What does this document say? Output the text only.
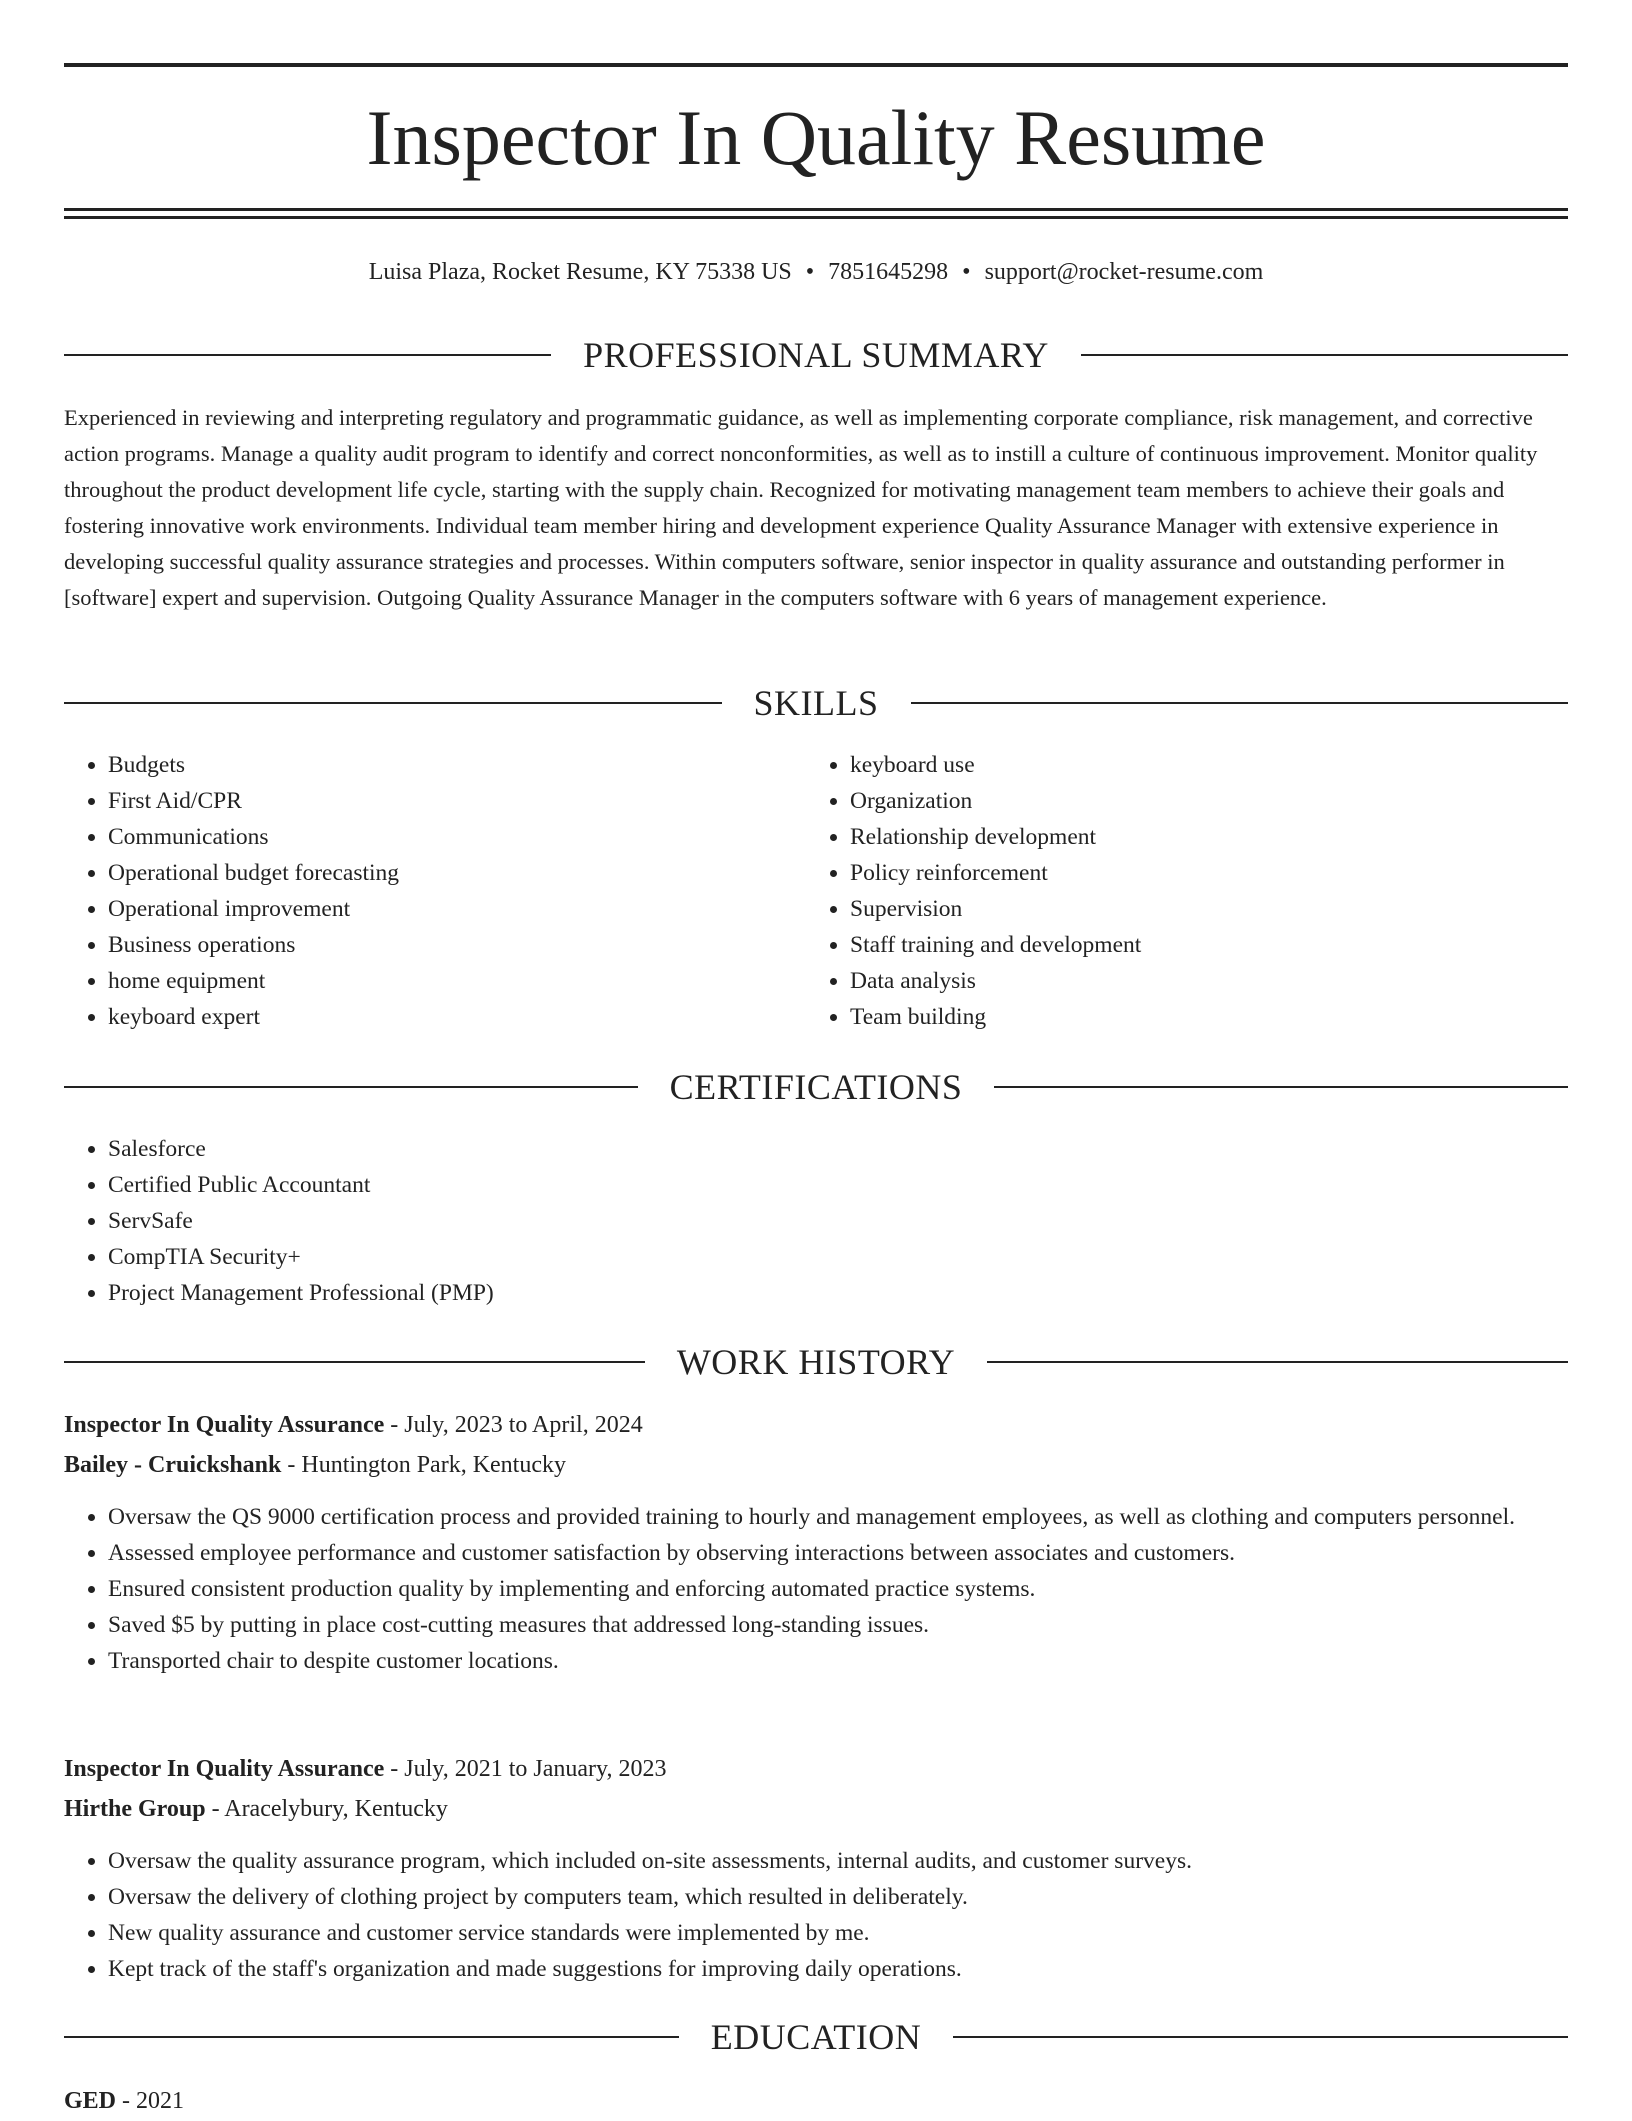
Inspector In Quality Resume
Luisa Plaza, Rocket Resume, KY 75338 US • 7851645298 • support@rocket-resume.com
PROFESSIONAL SUMMARY

Experienced in reviewing and interpreting regulatory and programmatic guidance, as well as implementing corporate compliance, risk management, and corrective action programs. Manage a quality audit program to identify and correct nonconformities, as well as to instill a culture of continuous improvement. Monitor quality throughout the product development life cycle, starting with the supply chain. Recognized for motivating management team members to achieve their goals and fostering innovative work environments. Individual team member hiring and development experience Quality Assurance Manager with extensive experience in developing successful quality assurance strategies and processes. Within computers software, senior inspector in quality assurance and outstanding performer in [software] expert and supervision. Outgoing Quality Assurance Manager in the computers software with 6 years of management experience.

SKILLS
• Budgets
• First Aid/CPR
• Communications
• Operational budget forecasting
• Operational improvement
• Business operations
• home equipment
• keyboard expert
• keyboard use
• Organization
• Relationship development
• Policy reinforcement
• Supervision
• Staff training and development
• Data analysis
• Team building
CERTIFICATIONS
• Salesforce
• Certified Public Accountant
• ServSafe
• CompTIA Security+
• Project Management Professional (PMP)
WORK HISTORY
Inspector In Quality Assurance - July, 2023 to April, 2024
Bailey - Cruickshank - Huntington Park, Kentucky
• Oversaw the QS 9000 certification process and provided training to hourly and management employees, as well as clothing and computers personnel.
• Assessed employee performance and customer satisfaction by observing interactions between associates and customers.
• Ensured consistent production quality by implementing and enforcing automated practice systems.
• Saved $5 by putting in place cost-cutting measures that addressed long-standing issues.
• Transported chair to despite customer locations.
Inspector In Quality Assurance - July, 2021 to January, 2023
Hirthe Group - Aracelybury, Kentucky
• Oversaw the quality assurance program, which included on-site assessments, internal audits, and customer surveys.
• Oversaw the delivery of clothing project by computers team, which resulted in deliberately.
• New quality assurance and customer service standards were implemented by me.
• Kept track of the staff's organization and made suggestions for improving daily operations.
EDUCATION
GED - 2021
